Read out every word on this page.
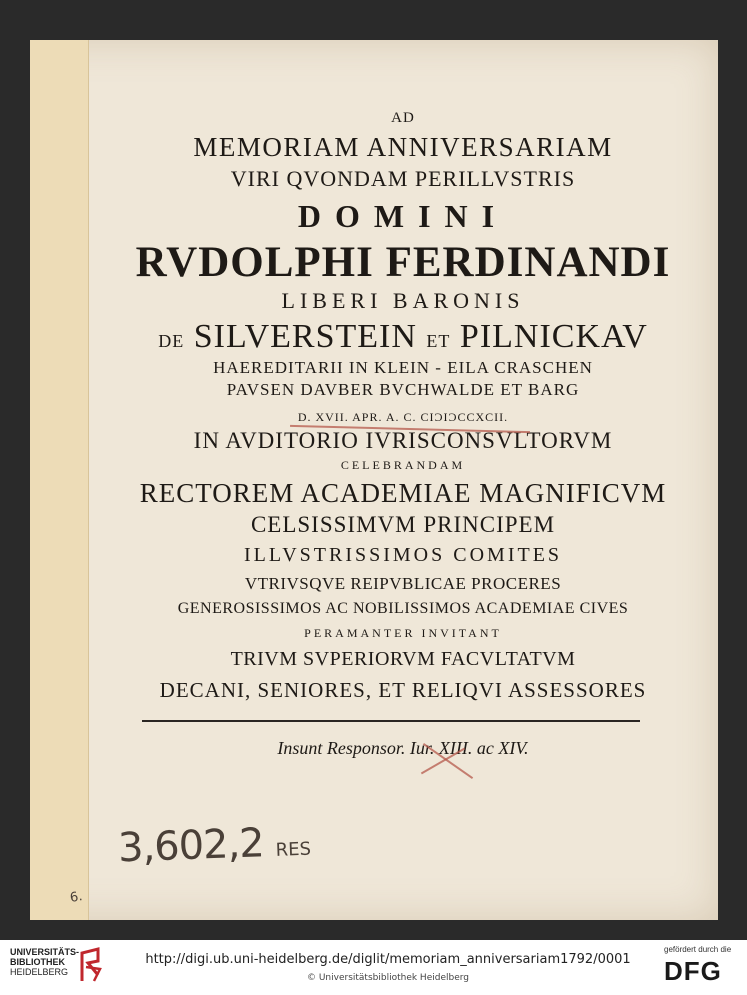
AD
MEMORIAM ANNIVERSARIAM
VIRI QVONDAM PERILLVSTRIS
DOMINI
RVDOLPHI FERDINANDI
LIBERI BARONIS
DE SILVERSTEIN ET PILNICKAV
HAEREDITARII IN KLEIN - EILA CRASCHEN
PAVSEN DAVBER BVCHWALDE ET BARG
D. XVII. APR. A. C. CIƆIƆCCXCII.
IN AVDITORIO IVRISCONSVLTORVM
CELEBRANDAM
RECTOREM ACADEMIAE MAGNIFICVM
CELSISSIMVM PRINCIPEM
ILLVSTRISSIMOS COMITES
VTRIVSQVE REIPVBLICAE PROCERES
GENEROSISSIMOS AC NOBILISSIMOS ACADEMIAE CIVES
PERAMANTER INVITANT
TRIVM SVPERIORVM FACVLTATVM
DECANI, SENIORES, ET RELIQVI ASSESSORES
Insunt Responsor. Iur. XIII. ac XIV.
3,602,2 RES
6.
UNIVERSITÄTS-
BIBLIOTHEK
HEIDELBERG
http://digi.ub.uni-heidelberg.de/diglit/memoriam_anniversariam1792/0001
© Universitätsbibliothek Heidelberg
gefördert durch die
DFG
